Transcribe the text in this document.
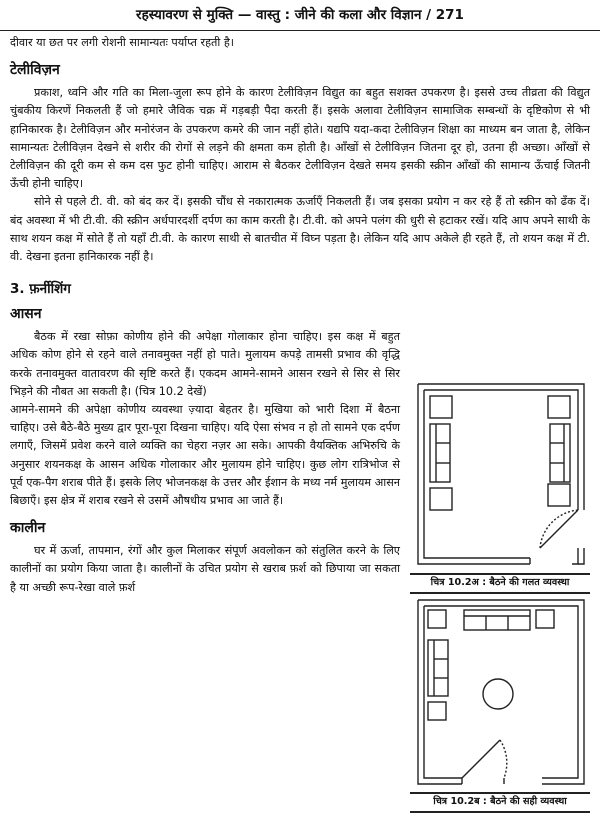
रहस्यावरण से मुक्ति — वास्तु : जीने की कला और विज्ञान / 271

दीवार या छत पर लगी रोशनी सामान्यतः पर्याप्त रहती है।

टेलीविज़न

प्रकाश, ध्वनि और गति का मिला-जुला रूप होने के कारण टेलीविज़न विद्युत का बहुत सशक्त उपकरण है। इससे उच्च तीव्रता की विद्युत चुंबकीय किरणें निकलती हैं जो हमारे जैविक चक्र में गड़बड़ी पैदा करती हैं। इसके अलावा टेलीविज़न सामाजिक सम्बन्धों के दृष्टिकोण से भी हानिकारक है। टेलीविज़न और मनोरंजन के उपकरण कमरे की जान नहीं होते। यद्यपि यदा-कदा टेलीविज़न शिक्षा का माध्यम बन जाता है, लेकिन सामान्यतः टेलीविज़न देखने से शरीर की रोगों से लड़ने की क्षमता कम होती है। आँखों से टेलीविज़न जितना दूर हो, उतना ही अच्छा। आँखों से टेलीविज़न की दूरी कम से कम दस फुट होनी चाहिए। आराम से बैठकर टेलीविज़न देखते समय इसकी स्क्रीन आँखों की सामान्य ऊँचाई जितनी ऊँची होनी चाहिए।

सोने से पहले टी. वी. को बंद कर दें। इसकी चौंध से नकारात्मक ऊर्जाएँ निकलती हैं। जब इसका प्रयोग न कर रहे हैं तो स्क्रीन को ढँक दें। बंद अवस्था में भी टी.वी. की स्क्रीन अर्धपारदर्शी दर्पण का काम करती है। टी.वी. को अपने पलंग की धुरी से हटाकर रखें। यदि आप अपने साथी के साथ शयन कक्ष में सोते हैं तो यहाँ टी.वी. के कारण साथी से बातचीत में विघ्न पड़ता है। लेकिन यदि आप अकेले ही रहते हैं, तो शयन कक्ष में टी. वी. देखना इतना हानिकारक नहीं है।

3. फ़र्नीशिंग
आसन

बैठक में रखा सोफ़ा कोणीय होने की अपेक्षा गोलाकार होना चाहिए। इस कक्ष में बहुत अधिक कोण होने से रहने वाले तनावमुक्त नहीं हो पाते। मुलायम कपड़े तामसी प्रभाव की वृद्धि करके तनावमुक्त वातावरण की सृष्टि करते हैं। एकदम आमने-सामने आसन रखने से सिर से सिर भिड़ने की नौबत आ सकती है। (चित्र 10.2 देखें)

आमने-सामने की अपेक्षा कोणीय व्यवस्था ज़्यादा बेहतर है। मुखिया को भारी दिशा में बैठना चाहिए। उसे बैठे-बैठे मुख्य द्वार पूरा-पूरा दिखना चाहिए। यदि ऐसा संभव न हो तो सामने एक दर्पण लगाएँ, जिसमें प्रवेश करने वाले व्यक्ति का चेहरा नज़र आ सके। आपकी वैयक्तिक अभिरुचि के अनुसार शयनकक्ष के आसन अधिक गोलाकार और मुलायम होने चाहिए। कुछ लोग रात्रिभोज से पूर्व एक-पैग शराब पीते हैं। इसके लिए भोजनकक्ष के उत्तर और ईशान के मध्य नर्म मुलायम आसन बिछाएँ। इस क्षेत्र में शराब रखने से उसमें औषधीय प्रभाव आ जाते हैं।

कालीन

घर में ऊर्जा, तापमान, रंगों और कुल मिलाकर संपूर्ण अवलोकन को संतुलित करने के लिए कालीनों का प्रयोग किया जाता है। कालीनों के उचित प्रयोग से खराब फ़र्श को छिपाया जा सकता है या अच्छी रूप-रेखा वाले फ़र्श	चित्र 10.2अ : बैठने की गलत व्यवस्था
चित्र 10.2ब : बैठने की सही व्यवस्था
